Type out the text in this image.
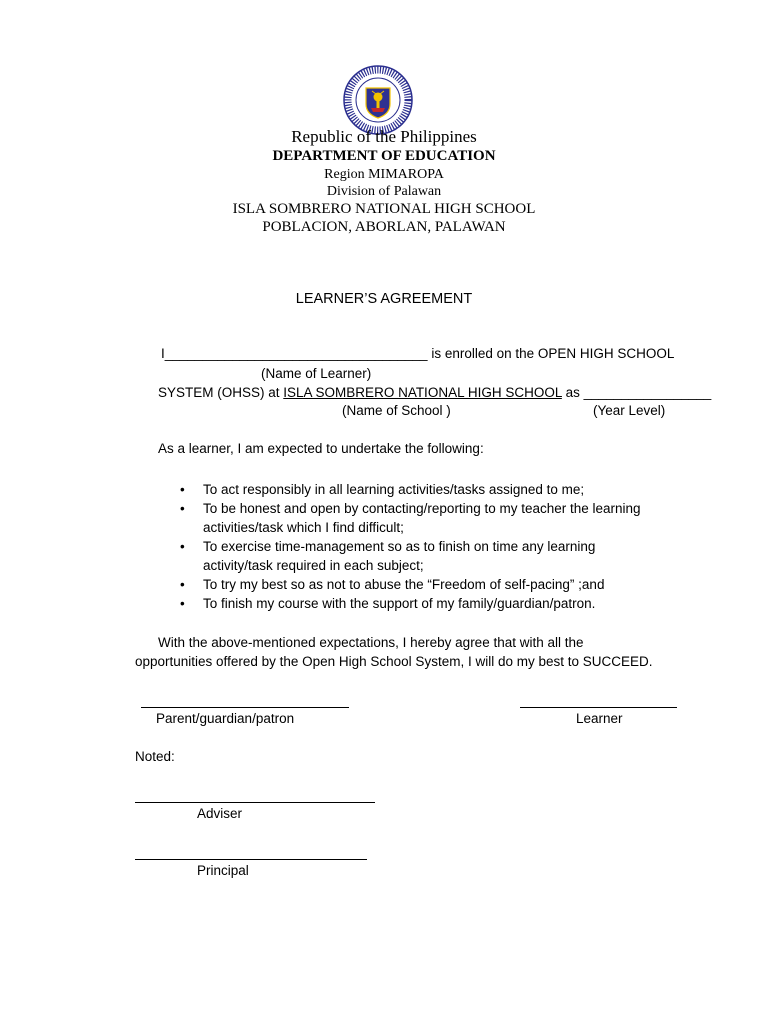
Republic of the Philippines
DEPARTMENT OF EDUCATION
Region MIMAROPA
Division of Palawan
ISLA SOMBRERO NATIONAL HIGH SCHOOL
POBLACION, ABORLAN, PALAWAN
LEARNER’S AGREEMENT
I___________________________________ is enrolled on the OPEN HIGH SCHOOL
(Name of Learner)
SYSTEM (OHSS) at ISLA SOMBRERO NATIONAL HIGH SCHOOL as _________________
(Name of School )	(Year Level)
As a learner, I am expected to undertake the following:

• To act responsibly in all learning activities/tasks assigned to me;

• To be honest and open by contacting/reporting to my teacher the learning
activities/task which I find difficult;

• To exercise time-management so as to finish on time any learning
activity/task required in each subject;

• To try my best so as not to abuse the “Freedom of self-pacing” ;and

• To finish my course with the support of my family/guardian/patron.

With the above-mentioned expectations, I hereby agree that with all the
opportunities offered by the Open High School System, I will do my best to SUCCEED.
Parent/guardian/patron	Learner
Noted:
Adviser
Principal
